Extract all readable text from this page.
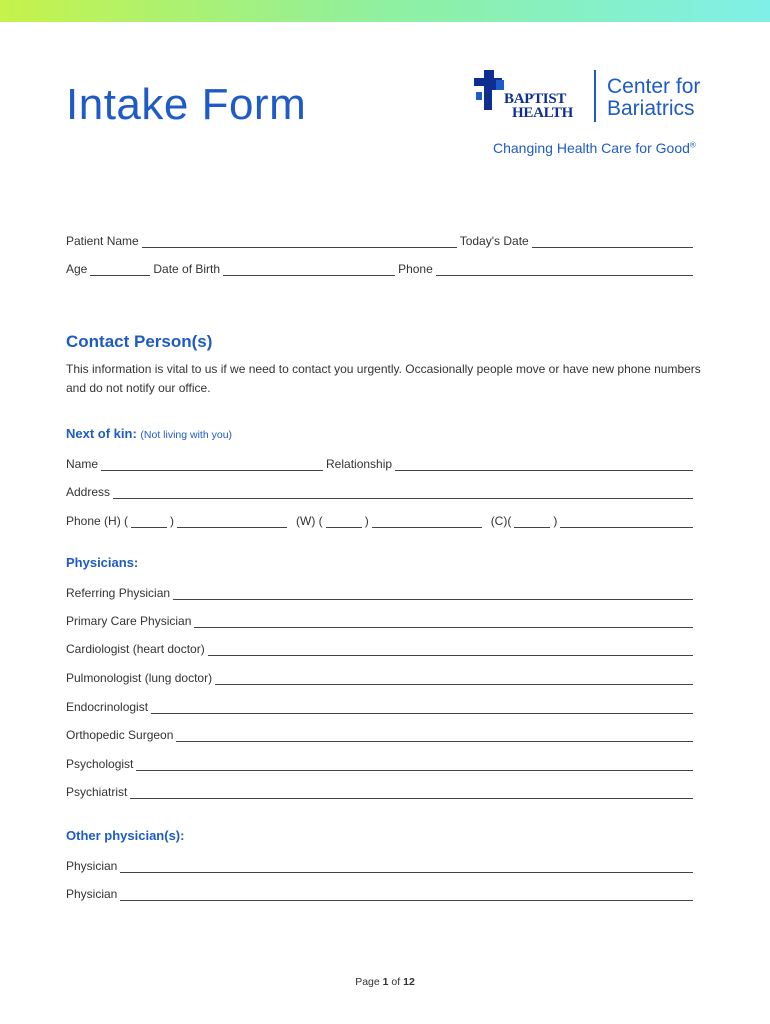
Intake Form	BAPTIST
HEALTH
Center for
Bariatrics
Changing Health Care for Good®
Patient Name	Today's Date
Age	Date of Birth	Phone
Contact Person(s)
This information is vital to us if we need to contact you urgently. Occasionally people move or have new phone numbers and do not notify our office.
Next of kin: (Not living with you)
Name	Relationship
Address
Phone (H) (	)	(W) (	)	(C)(	)
Physicians:
Referring Physician
Primary Care Physician
Cardiologist (heart doctor)
Pulmonologist (lung doctor)
Endocrinologist
Orthopedic Surgeon
Psychologist
Psychiatrist
Other physician(s):
Physician
Physician
Page 1 of 12
